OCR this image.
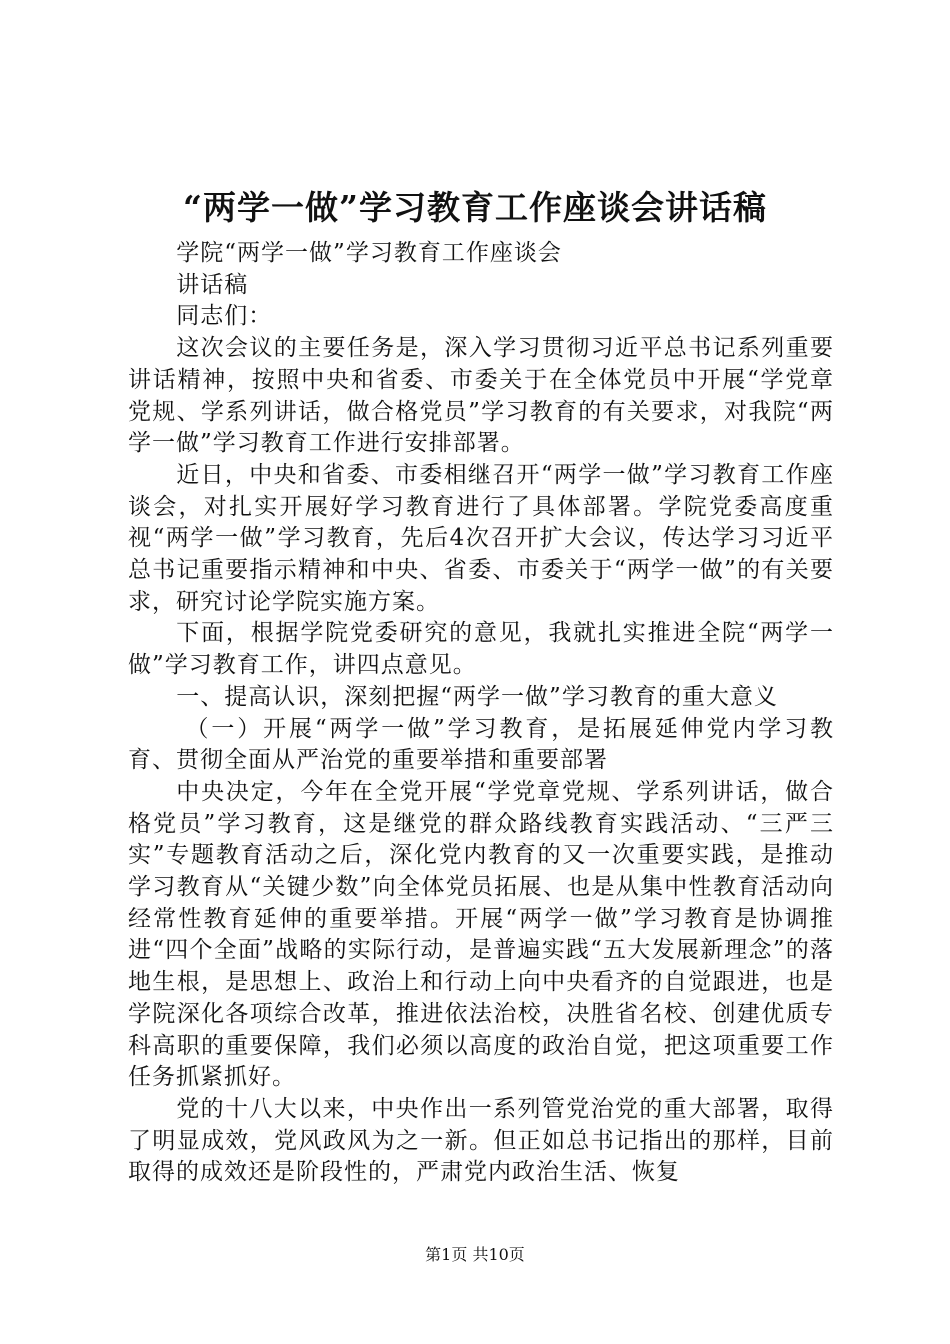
“两学一做”学习教育工作座谈会讲话稿

学院“两学一做”学习教育工作座谈会

讲话稿

同志们：

这次会议的主要任务是，深入学习贯彻习近平总书记系列重要讲话精神，按照中央和省委、市委关于在全体党员中开展“学党章党规、学系列讲话，做合格党员”学习教育的有关要求，对我院“两学一做”学习教育工作进行安排部署。

近日，中央和省委、市委相继召开“两学一做”学习教育工作座谈会，对扎实开展好学习教育进行了具体部署。学院党委高度重视“两学一做”学习教育，先后4次召开扩大会议，传达学习习近平总书记重要指示精神和中央、省委、市委关于“两学一做”的有关要求，研究讨论学院实施方案。

下面，根据学院党委研究的意见，我就扎实推进全院“两学一做”学习教育工作，讲四点意见。

一、提高认识，深刻把握“两学一做”学习教育的重大意义

（一）开展“两学一做”学习教育，是拓展延伸党内学习教育、贯彻全面从严治党的重要举措和重要部署

中央决定，今年在全党开展“学党章党规、学系列讲话，做合格党员”学习教育，这是继党的群众路线教育实践活动、“三严三实”专题教育活动之后，深化党内教育的又一次重要实践，是推动学习教育从“关键少数”向全体党员拓展、也是从集中性教育活动向经常性教育延伸的重要举措。开展“两学一做”学习教育是协调推进“四个全面”战略的实际行动，是普遍实践“五大发展新理念”的落地生根，是思想上、政治上和行动上向中央看齐的自觉跟进，也是学院深化各项综合改革，推进依法治校，决胜省名校、创建优质专科高职的重要保障，我们必须以高度的政治自觉，把这项重要工作任务抓紧抓好。

党的十八大以来，中央作出一系列管党治党的重大部署，取得了明显成效，党风政风为之一新。但正如总书记指出的那样，目前取得的成效还是阶段性的，严肃党内政治生活、恢复

第1页 共10页
